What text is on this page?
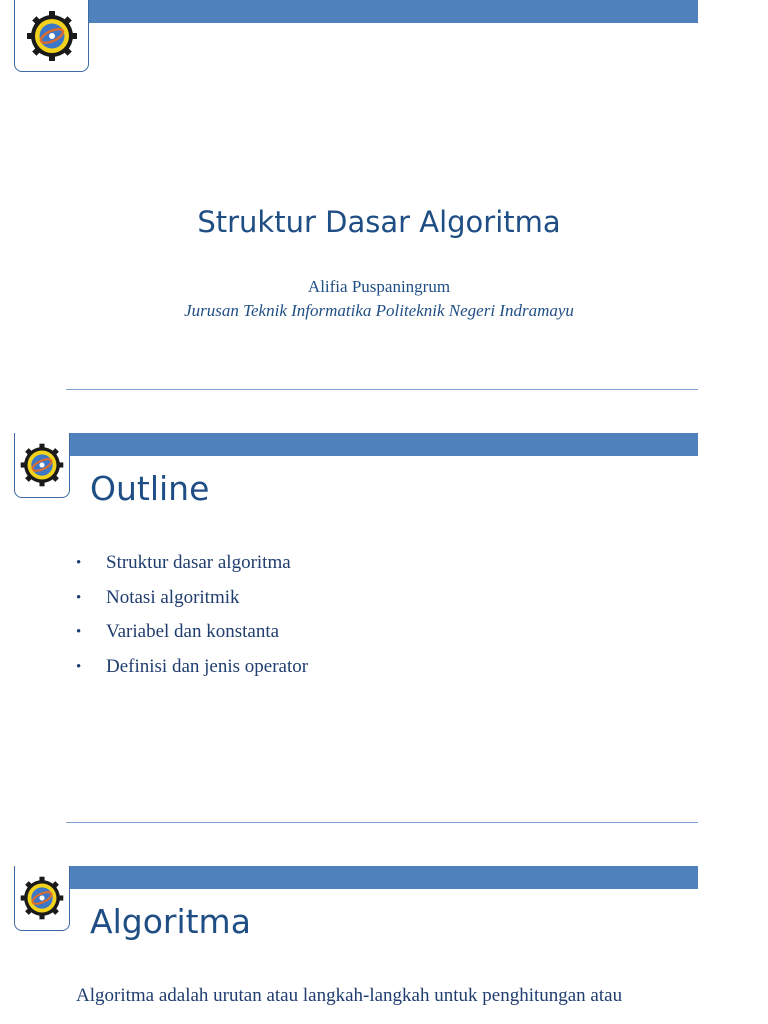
Struktur Dasar Algoritma
Alifia Puspaningrum
Jurusan Teknik Informatika Politeknik Negeri Indramayu
Outline
• Struktur dasar algoritma
• Notasi algoritmik
• Variabel dan konstanta
• Definisi dan jenis operator
Algoritma
Algoritma adalah urutan atau langkah-langkah untuk penghitungan atau
